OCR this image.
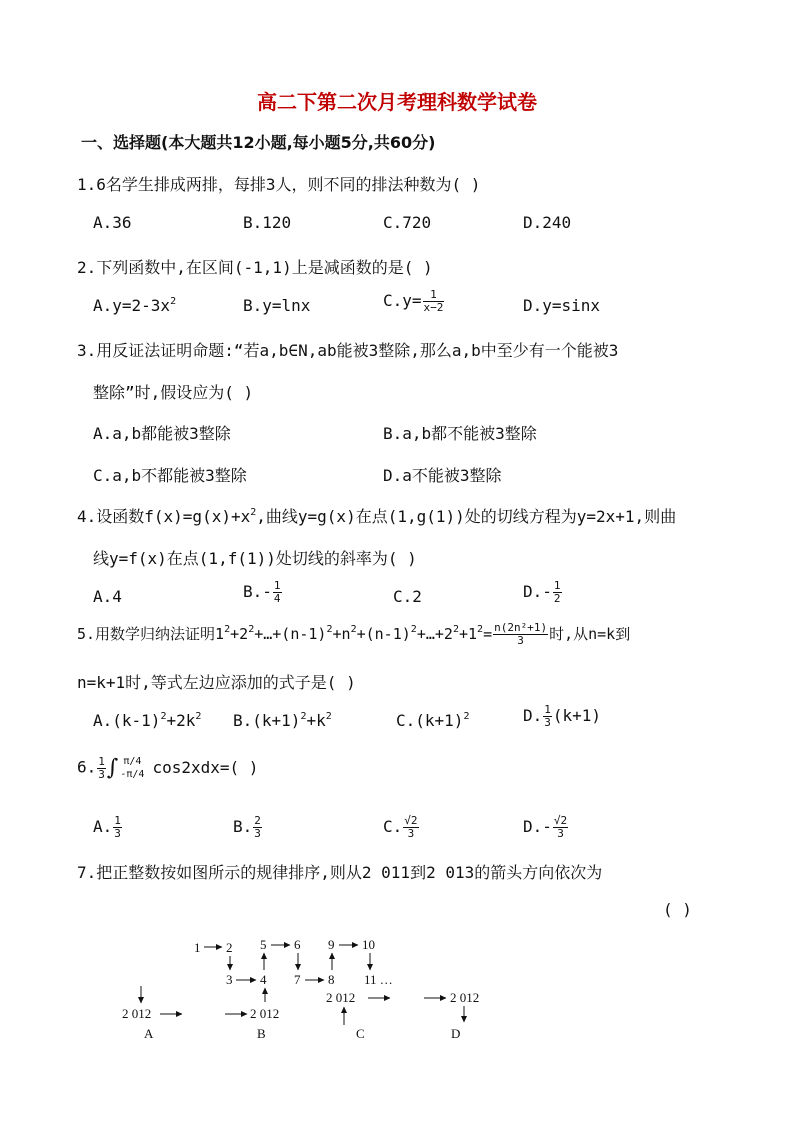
高二下第二次月考理科数学试卷
一、选择题(本大题共12小题,每小题5分,共60分)
1.6名学生排成两排，每排3人，则不同的排法种数为( )
A.36	B.120	C.720	D.240
2.下列函数中,在区间(-1,1)上是减函数的是( )
$A.y=2-3x^2$	B.y=lnx	$C.y= \frac{1}{x-2}$	D.y=sinx
3.用反证法证明命题:“若a,b∈N,ab能被3整除,那么a,b中至少有一个能被3
整除”时,假设应为( )
A.a,b都能被3整除	B.a,b都不能被3整除
C.a,b不都能被3整除	D.a不能被3整除
4.设函数$f(x)=g(x)+x^2$,曲线y=g(x)在点(1,g(1))处的切线方程为y=2x+1,则曲
线y=f(x)在点(1,f(1))处切线的斜率为( )
A.4	$B.- \frac{1}{4}$	C.2	$D.- \frac{1}{2}$
5.用数学归纳法证明$1^2+2^2+\dots+(n-1)^2+n^2+(n-1)^2+\dots+2^2+1^2= \frac{\text{n(2n²+1)}}{3}$ 时,从n=k到
n=k+1时,等式左边应添加的式子是( )
$A.(k-1)^2+2k^2$ $B.(k+1)^2+k^2$	$C.(k+1)^2$	D. $\frac{1}{3} (k+1)$
6. $\frac{1}{3}$ ∫ π/4
-π/4 cos2xdx=( )
A. $\frac{1}{3}$	B. $\frac{2}{3}$	C. $\frac{√2}{3}$	$D.- \frac{√2}{3}$
7.把正整数按如图所示的规律排序,则从2 011到2 013的箭头方向依次为
( )
1 2
3 4
5 6
7 8
9 10
11 …
2 012
A
2 012
B
2 012
C
2 012
D
